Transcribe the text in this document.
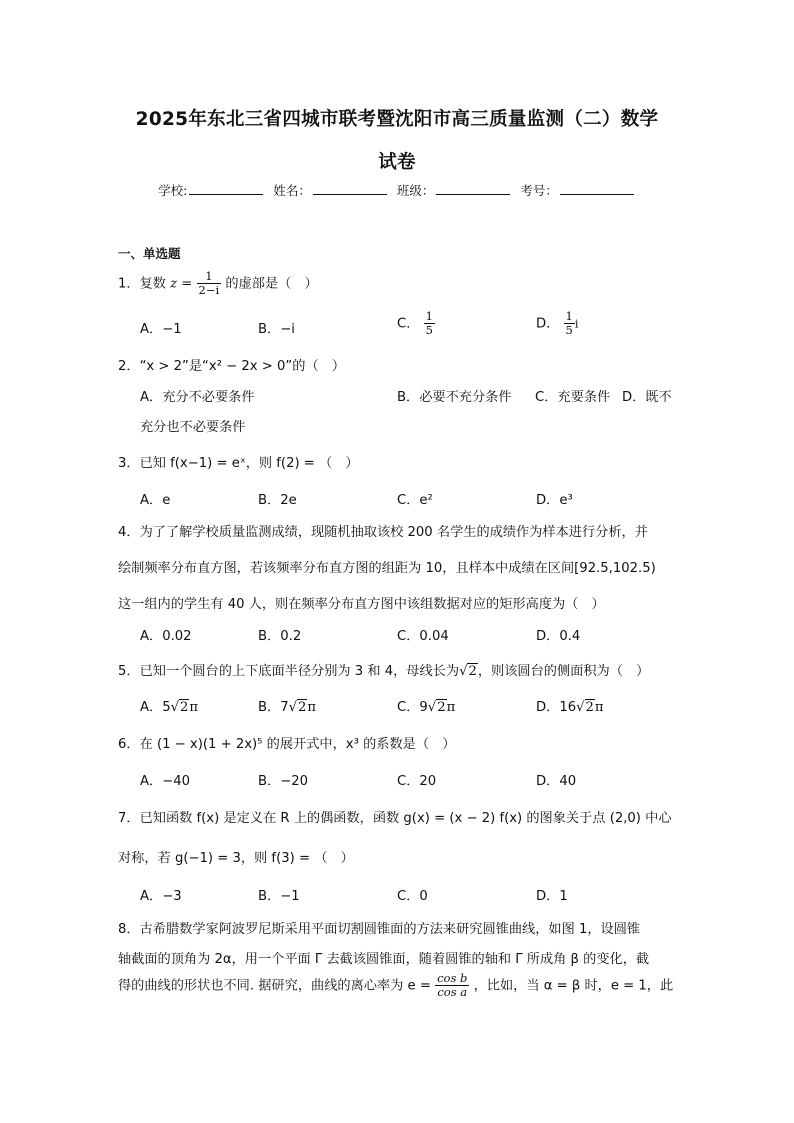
2025年东北三省四城市联考暨沈阳市高三质量监测（二）数学
试卷
学校:	姓名：	班级：	考号：
一、单选题
1．复数 $z = \frac{1}{2-i}$ 的虚部是（　）
A．−1	B．−i	C． $\frac{1}{5}$	D． $\frac{1}{5}$ i
2．“x > 2”是“x² − 2x > 0”的（　）
A．充分不必要条件	B．必要不充分条件 C．充要条件 D．既不
充分也不必要条件
3．已知 f(x−1) = eˣ，则 f(2) = （　）
A．e	B．2e	C．e²	D．e³
4．为了了解学校质量监测成绩，现随机抽取该校 200 名学生的成绩作为样本进行分析，并
绘制频率分布直方图，若该频率分布直方图的组距为 10，且样本中成绩在区间[92.5,102.5)
这一组内的学生有 40 人，则在频率分布直方图中该组数据对应的矩形高度为（　）
A．0.02	B．0.2	C．0.04	D．0.4
5．已知一个圆台的上下底面半径分别为 3 和 4，母线长为√2，则该圆台的侧面积为（　）
A．5√2π	B．7√2π	C．9√2π	D．16√2π
6．在 (1 − x)(1 + 2x)⁵ 的展开式中，x³ 的系数是（　）
A．−40	B．−20	C．20	D．40
7．已知函数 f(x) 是定义在 R 上的偶函数，函数 g(x) = (x − 2) f(x) 的图象关于点 (2,0) 中心
对称，若 g(−1) = 3，则 f(3) = （　）
A．−3	B．−1	C．0	D．1
8．古希腊数学家阿波罗尼斯采用平面切割圆锥面的方法来研究圆锥曲线，如图 1，设圆锥
轴截面的顶角为 2α，用一个平面 Γ 去截该圆锥面，随着圆锥的轴和 Γ 所成角 β 的变化，截
得的曲线的形状也不同. 据研究，曲线的离心率为 $e = \frac{\text{cos b}}{\text{cos a}}$ ，比如，当 α = β 时，e = 1，此
